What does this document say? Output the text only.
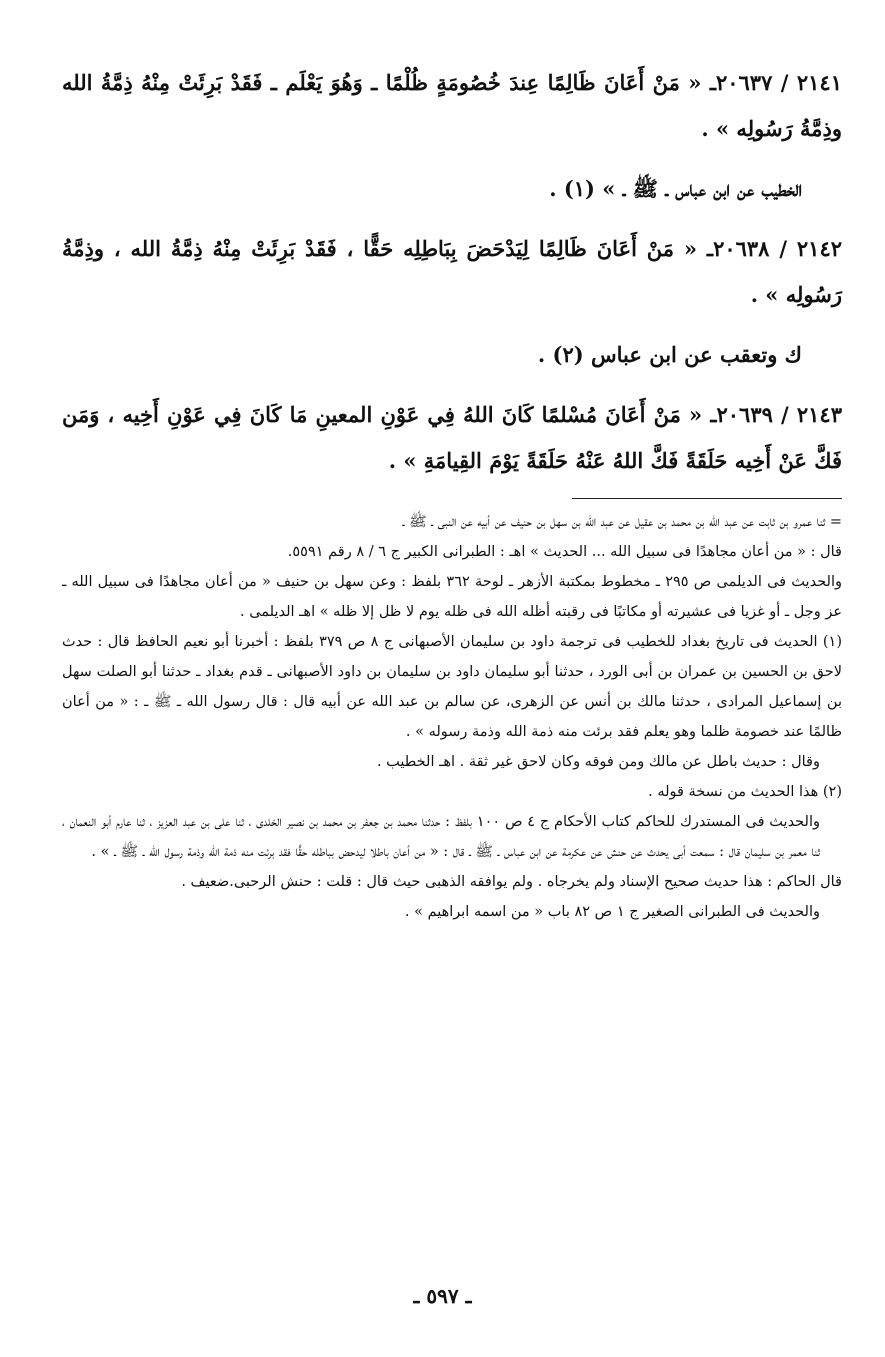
٢١٤١ / ٢٠٦٣٧ـ « مَنْ أَعَانَ ظَالِمًا عِندَ خُصُومَةٍ ظُلْمًا ـ وَهُوَ يَعْلَم ـ فَقَدْ بَرِئَتْ مِنْهُ ذِمَّةُ الله وذِمَّةُ رَسُولِه » .

الخطيب عن ابن عباس ـ ﷺ ـ » (١) .

٢١٤٢ / ٢٠٦٣٨ـ « مَنْ أَعَانَ ظَالِمًا لِيَدْحَضَ بِبَاطِلِه حَقًّا ، فَقَدْ بَرِئَتْ مِنْهُ ذِمَّةُ الله ، وذِمَّةُ رَسُولِه » .

ك وتعقب عن ابن عباس (٢) .

٢١٤٣ / ٢٠٦٣٩ـ « مَنْ أَعَانَ مُسْلمًا كَانَ اللهُ فِي عَوْنِ المعينِ مَا كَانَ فِي عَوْنِ أَخِيه ، وَمَن فَكَّ عَنْ أَخِيه حَلَقَةً فَكَّ اللهُ عَنْهُ حَلَقَةً يَوْمَ القِيامَةِ » .

= ثنا عمرو بن ثابت عن عبد الله بن محمد بن عقيل عن عبد الله بن سهل بن حنيف عن أبيه عن النبى ـ ﷺ ـ

قال : « من أعان مجاهدًا فى سبيل الله ... الحديث » اهـ : الطبرانى الكبير ج ٦ / ٨ رقم ٥٥٩١.

والحديث فى الديلمى ص ٢٩٥ ـ مخطوط بمكتبة الأزهر ـ لوحة ٣٦٢ بلفظ : وعن سهل بن حنيف « من أعان مجاهدًا فى سبيل الله ـ عز وجل ـ أو غزيا فى عشيرته أو مكاتبًا فى رقبته أظله الله فى ظله يوم لا ظل إلا ظله » اهـ الديلمى .

(١) الحديث فى تاريخ بغداد للخطيب فى ترجمة داود بن سليمان الأصبهانى ج ٨ ص ٣٧٩ بلفظ : أخبرنا أبو نعيم الحافظ قال : حدث لاحق بن الحسين بن عمران بن أبى الورد ، حدثنا أبو سليمان داود بن سليمان بن داود الأصبهانى ـ قدم بغداد ـ حدثنا أبو الصلت سهل بن إسماعيل المرادى ، حدثنا مالك بن أنس عن الزهرى، عن سالم بن عبد الله عن أبيه قال : قال رسول الله ـ ﷺ ـ : « من أعان ظالمًا عند خصومة ظلما وهو يعلم فقد برئت منه ذمة الله وذمة رسوله » .

وقال : حديث باطل عن مالك ومن فوقه وكان لاحق غير ثقة . اهـ الخطيب .

(٢) هذا الحديث من نسخة قوله .

والحديث فى المستدرك للحاكم كتاب الأحكام ج ٤ ص ١٠٠ بلفظ : حدثنا محمد بن جعفر بن محمد بن نصير الخلدى ، ثنا على بن عبد العزيز ، ثنا عارم أبو النعمان ، ثنا معمر بن سليمان قال : سمعت أبى يحدث عن حنش عن عكرمة عن ابن عباس ـ ﷺ ـ قال : « من أعان باطلا ليدحض بباطله حقًّا فقد برئت منه ذمة الله وذمة رسول الله ـ ﷺ ـ » .

قال الحاكم : هذا حديث صحيح الإسناد ولم يخرجاه . ولم يوافقه الذهبى حيث قال : قلت : حنش الرحبى.ضعيف .

والحديث فى الطبرانى الصغير ج ١ ص ٨٢ باب « من اسمه ابراهيم » .

ـ ٥٩٧ ـ
